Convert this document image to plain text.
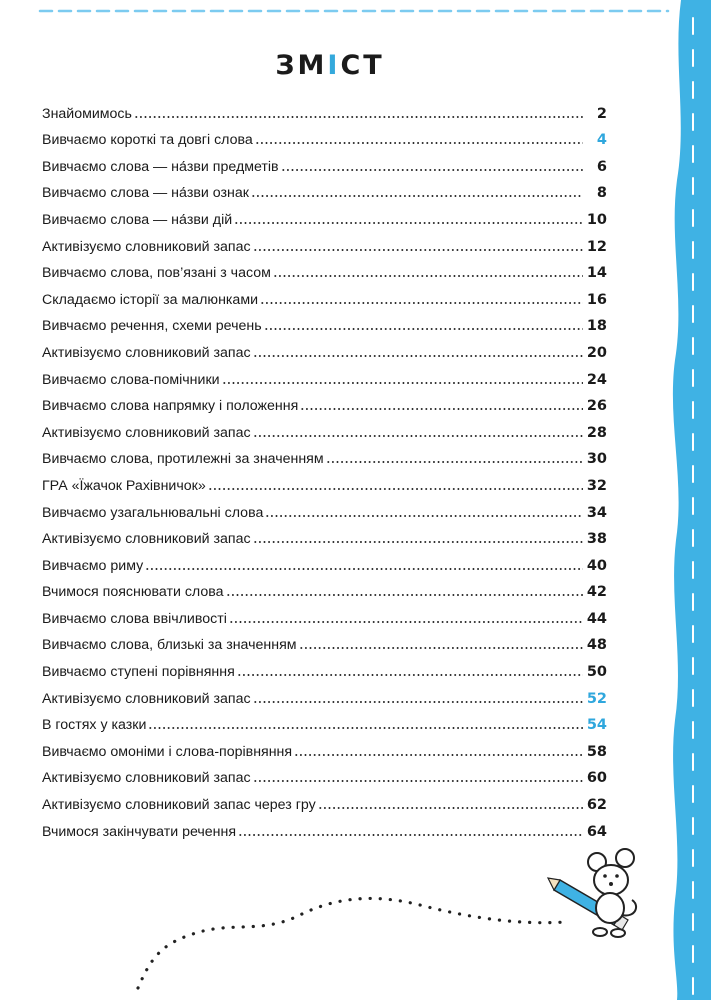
ЗМІСТ
Знайомимось	2
Вивчаємо короткі та довгі слова	4
Вивчаємо слова — на́зви предметів	6
Вивчаємо слова — на́зви ознак	8
Вивчаємо слова — на́зви дій	10
Активізуємо словниковий запас	12
Вивчаємо слова, пов’язані з часом	14
Складаємо історії за малюнками	16
Вивчаємо речення, схеми речень	18
Активізуємо словниковий запас	20
Вивчаємо слова-помічники	24
Вивчаємо слова напрямку і положення	26
Активізуємо словниковий запас	28
Вивчаємо слова, протилежні за значенням	30
ГРА «Їжачок Рахівничок»	32
Вивчаємо узагальнювальні слова	34
Активізуємо словниковий запас	38
Вивчаємо риму	40
Вчимося пояснювати слова	42
Вивчаємо слова ввічливості	44
Вивчаємо слова, близькі за значенням	48
Вивчаємо ступені порівняння	50
Активізуємо словниковий запас	52
В гостях у казки	54
Вивчаємо омоніми і слова-порівняння	58
Активізуємо словниковий запас	60
Активізуємо словниковий запас через гру	62
Вчимося закінчувати речення	64
